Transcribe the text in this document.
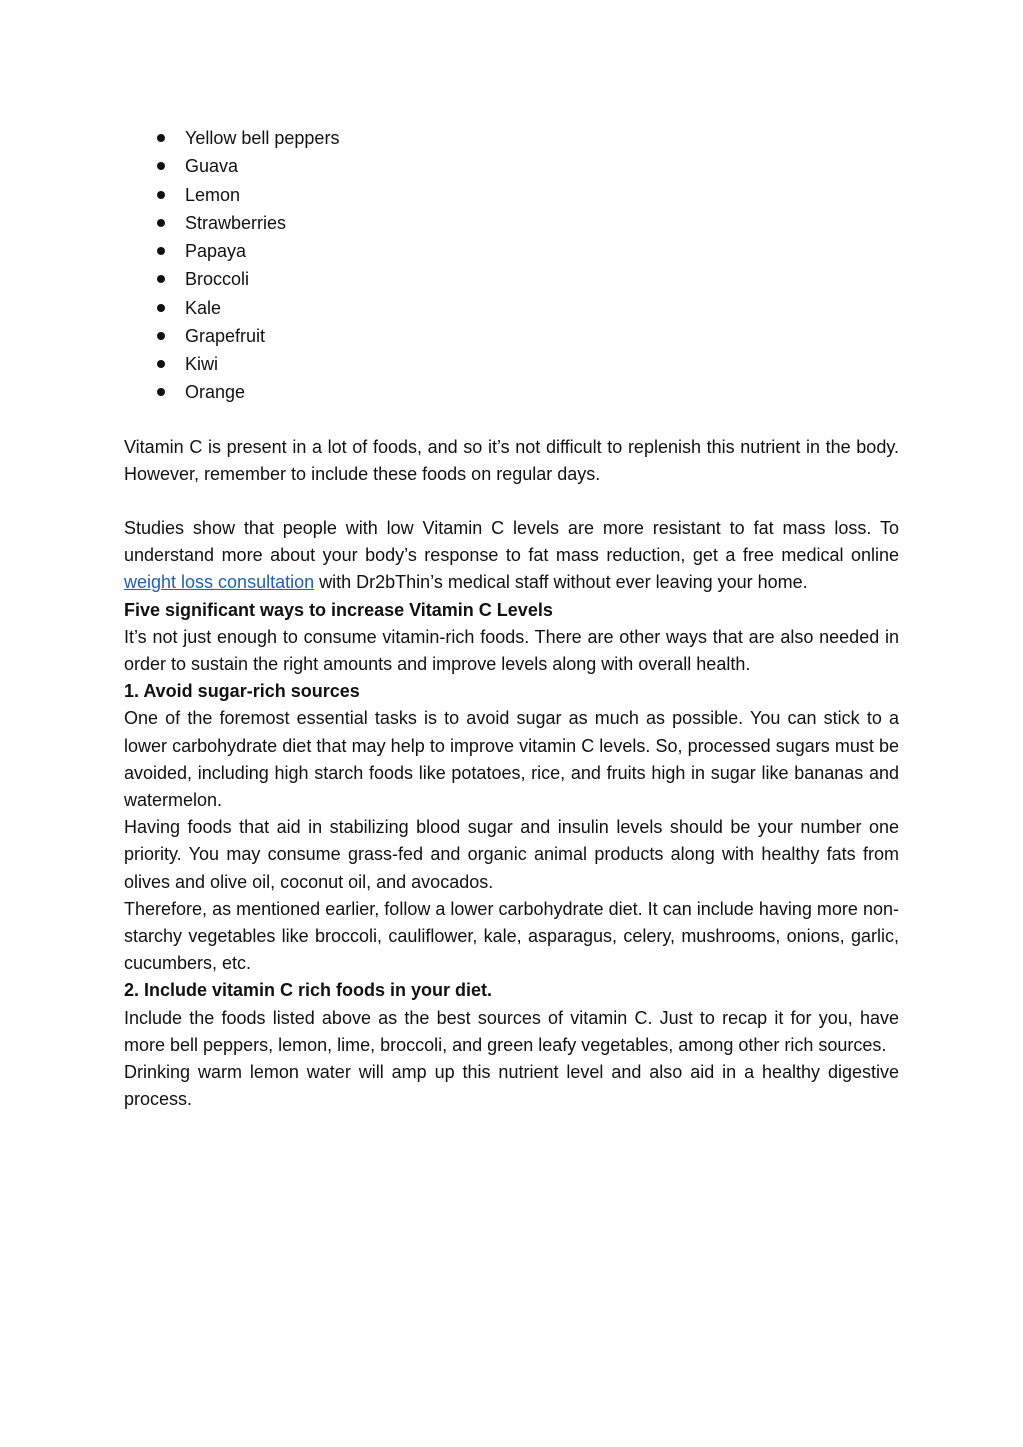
Yellow bell peppers
Guava
Lemon
Strawberries
Papaya
Broccoli
Kale
Grapefruit
Kiwi
Orange

Vitamin C is present in a lot of foods, and so it’s not difficult to replenish this nutrient in the body. However, remember to include these foods on regular days.

Studies show that people with low Vitamin C levels are more resistant to fat mass loss. To understand more about your body’s response to fat mass reduction, get a free medical online weight loss consultation with Dr2bThin’s medical staff without ever leaving your home.

Five significant ways to increase Vitamin C Levels

It’s not just enough to consume vitamin-rich foods. There are other ways that are also needed in order to sustain the right amounts and improve levels along with overall health.

1. Avoid sugar-rich sources

One of the foremost essential tasks is to avoid sugar as much as possible. You can stick to a lower carbohydrate diet that may help to improve vitamin C levels. So, processed sugars must be avoided, including high starch foods like potatoes, rice, and fruits high in sugar like bananas and watermelon.

Having foods that aid in stabilizing blood sugar and insulin levels should be your number one priority. You may consume grass-fed and organic animal products along with healthy fats from olives and olive oil, coconut oil, and avocados.

Therefore, as mentioned earlier, follow a lower carbohydrate diet. It can include having more non-starchy vegetables like broccoli, cauliflower, kale, asparagus, celery, mushrooms, onions, garlic, cucumbers, etc.

2. Include vitamin C rich foods in your diet.

Include the foods listed above as the best sources of vitamin C. Just to recap it for you, have more bell peppers, lemon, lime, broccoli, and green leafy vegetables, among other rich sources.

Drinking warm lemon water will amp up this nutrient level and also aid in a healthy digestive process.
